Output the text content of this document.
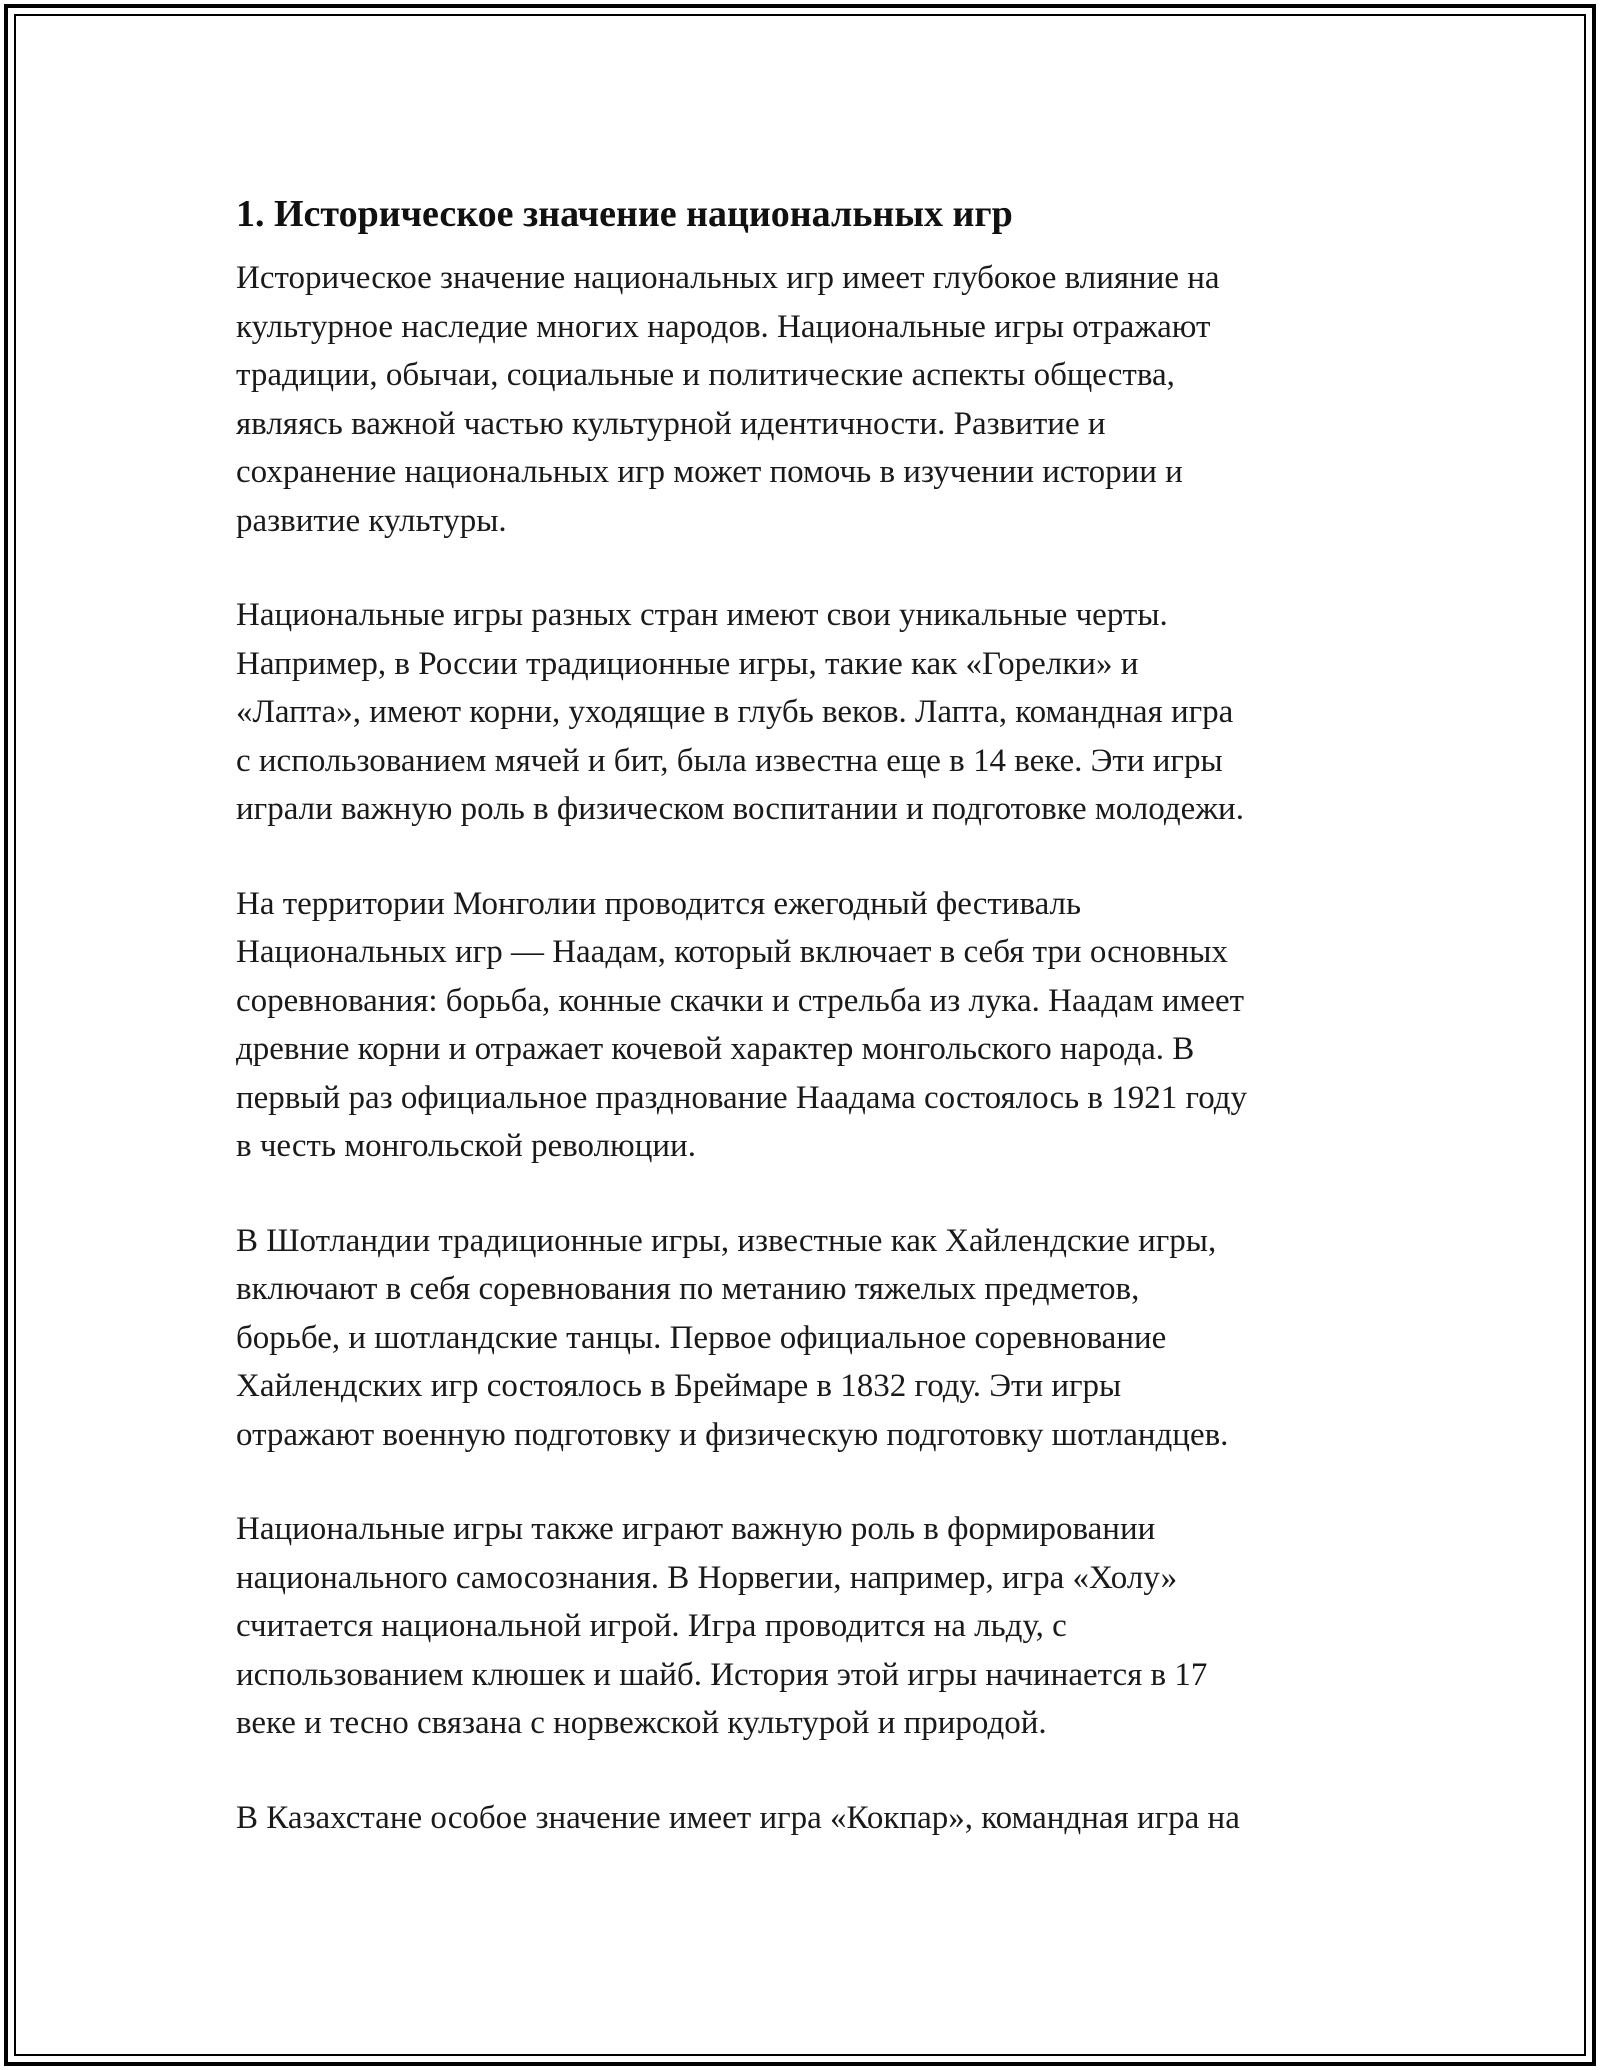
1. Историческое значение национальных игр

Историческое значение национальных игр имеет глубокое влияние на
культурное наследие многих народов. Национальные игры отражают
традиции, обычаи, социальные и политические аспекты общества,
являясь важной частью культурной идентичности. Развитие и
сохранение национальных игр может помочь в изучении истории и
развитие культуры.

Национальные игры разных стран имеют свои уникальные черты.
Например, в России традиционные игры, такие как «Горелки» и
«Лапта», имеют корни, уходящие в глубь веков. Лапта, командная игра
с использованием мячей и бит, была известна еще в 14 веке. Эти игры
играли важную роль в физическом воспитании и подготовке молодежи.

На территории Монголии проводится ежегодный фестиваль
Национальных игр — Наадам, который включает в себя три основных
соревнования: борьба, конные скачки и стрельба из лука. Наадам имеет
древние корни и отражает кочевой характер монгольского народа. В
первый раз официальное празднование Наадама состоялось в 1921 году
в честь монгольской революции.

В Шотландии традиционные игры, известные как Хайлендские игры,
включают в себя соревнования по метанию тяжелых предметов,
борьбе, и шотландские танцы. Первое официальное соревнование
Хайлендских игр состоялось в Бреймаре в 1832 году. Эти игры
отражают военную подготовку и физическую подготовку шотландцев.

Национальные игры также играют важную роль в формировании
национального самосознания. В Норвегии, например, игра «Холу»
считается национальной игрой. Игра проводится на льду, с
использованием клюшек и шайб. История этой игры начинается в 17
веке и тесно связана с норвежской культурой и природой.

В Казахстане особое значение имеет игра «Кокпар», командная игра на
